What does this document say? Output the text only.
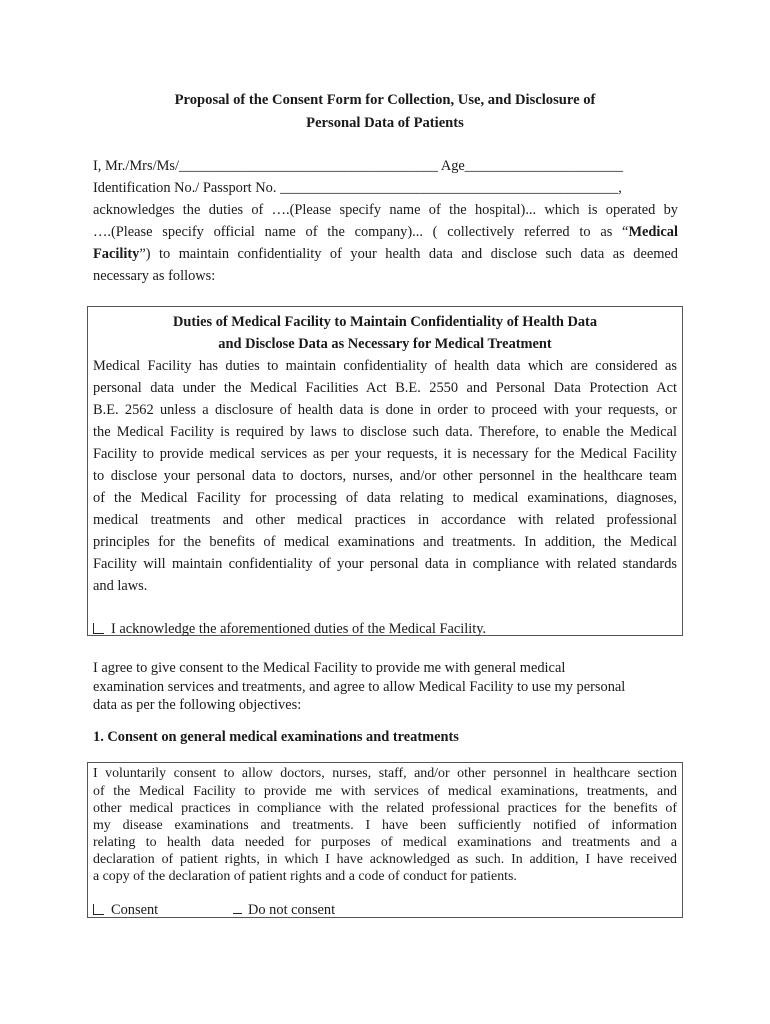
Proposal of the Consent Form for Collection, Use, and Disclosure of
Personal Data of Patients
I, Mr./Mrs/Ms/____________________________________ Age______________________
Identification No./ Passport No. _______________________________________________,
acknowledges the duties of ….(Please specify name of the hospital)... which is operated by
….(Please specify official name of the company)... ( collectively referred to as “Medical
Facility”) to maintain confidentiality of your health data and disclose such data as deemed
necessary as follows:
Duties of Medical Facility to Maintain Confidentiality of Health Data
and Disclose Data as Necessary for Medical Treatment
Medical Facility has duties to maintain confidentiality of health data which are considered as
personal data under the Medical Facilities Act B.E. 2550 and Personal Data Protection Act
B.E. 2562 unless a disclosure of health data is done in order to proceed with your requests, or
the Medical Facility is required by laws to disclose such data. Therefore, to enable the Medical
Facility to provide medical services as per your requests, it is necessary for the Medical Facility
to disclose your personal data to doctors, nurses, and/or other personnel in the healthcare team
of the Medical Facility for processing of data relating to medical examinations, diagnoses,
medical treatments and other medical practices in accordance with related professional
principles for the benefits of medical examinations and treatments. In addition, the Medical
Facility will maintain confidentiality of your personal data in compliance with related standards
and laws.
I acknowledge the aforementioned duties of the Medical Facility.
I agree to give consent to the Medical Facility to provide me with general medical
examination services and treatments, and agree to allow Medical Facility to use my personal
data as per the following objectives:
1. Consent on general medical examinations and treatments
I voluntarily consent to allow doctors, nurses, staff, and/or other personnel in healthcare section
of the Medical Facility to provide me with services of medical examinations, treatments, and
other medical practices in compliance with the related professional practices for the benefits of
my disease examinations and treatments. I have been sufficiently notified of information
relating to health data needed for purposes of medical examinations and treatments and a
declaration of patient rights, in which I have acknowledged as such. In addition, I have received
a copy of the declaration of patient rights and a code of conduct for patients.
Consent	Do not consent
